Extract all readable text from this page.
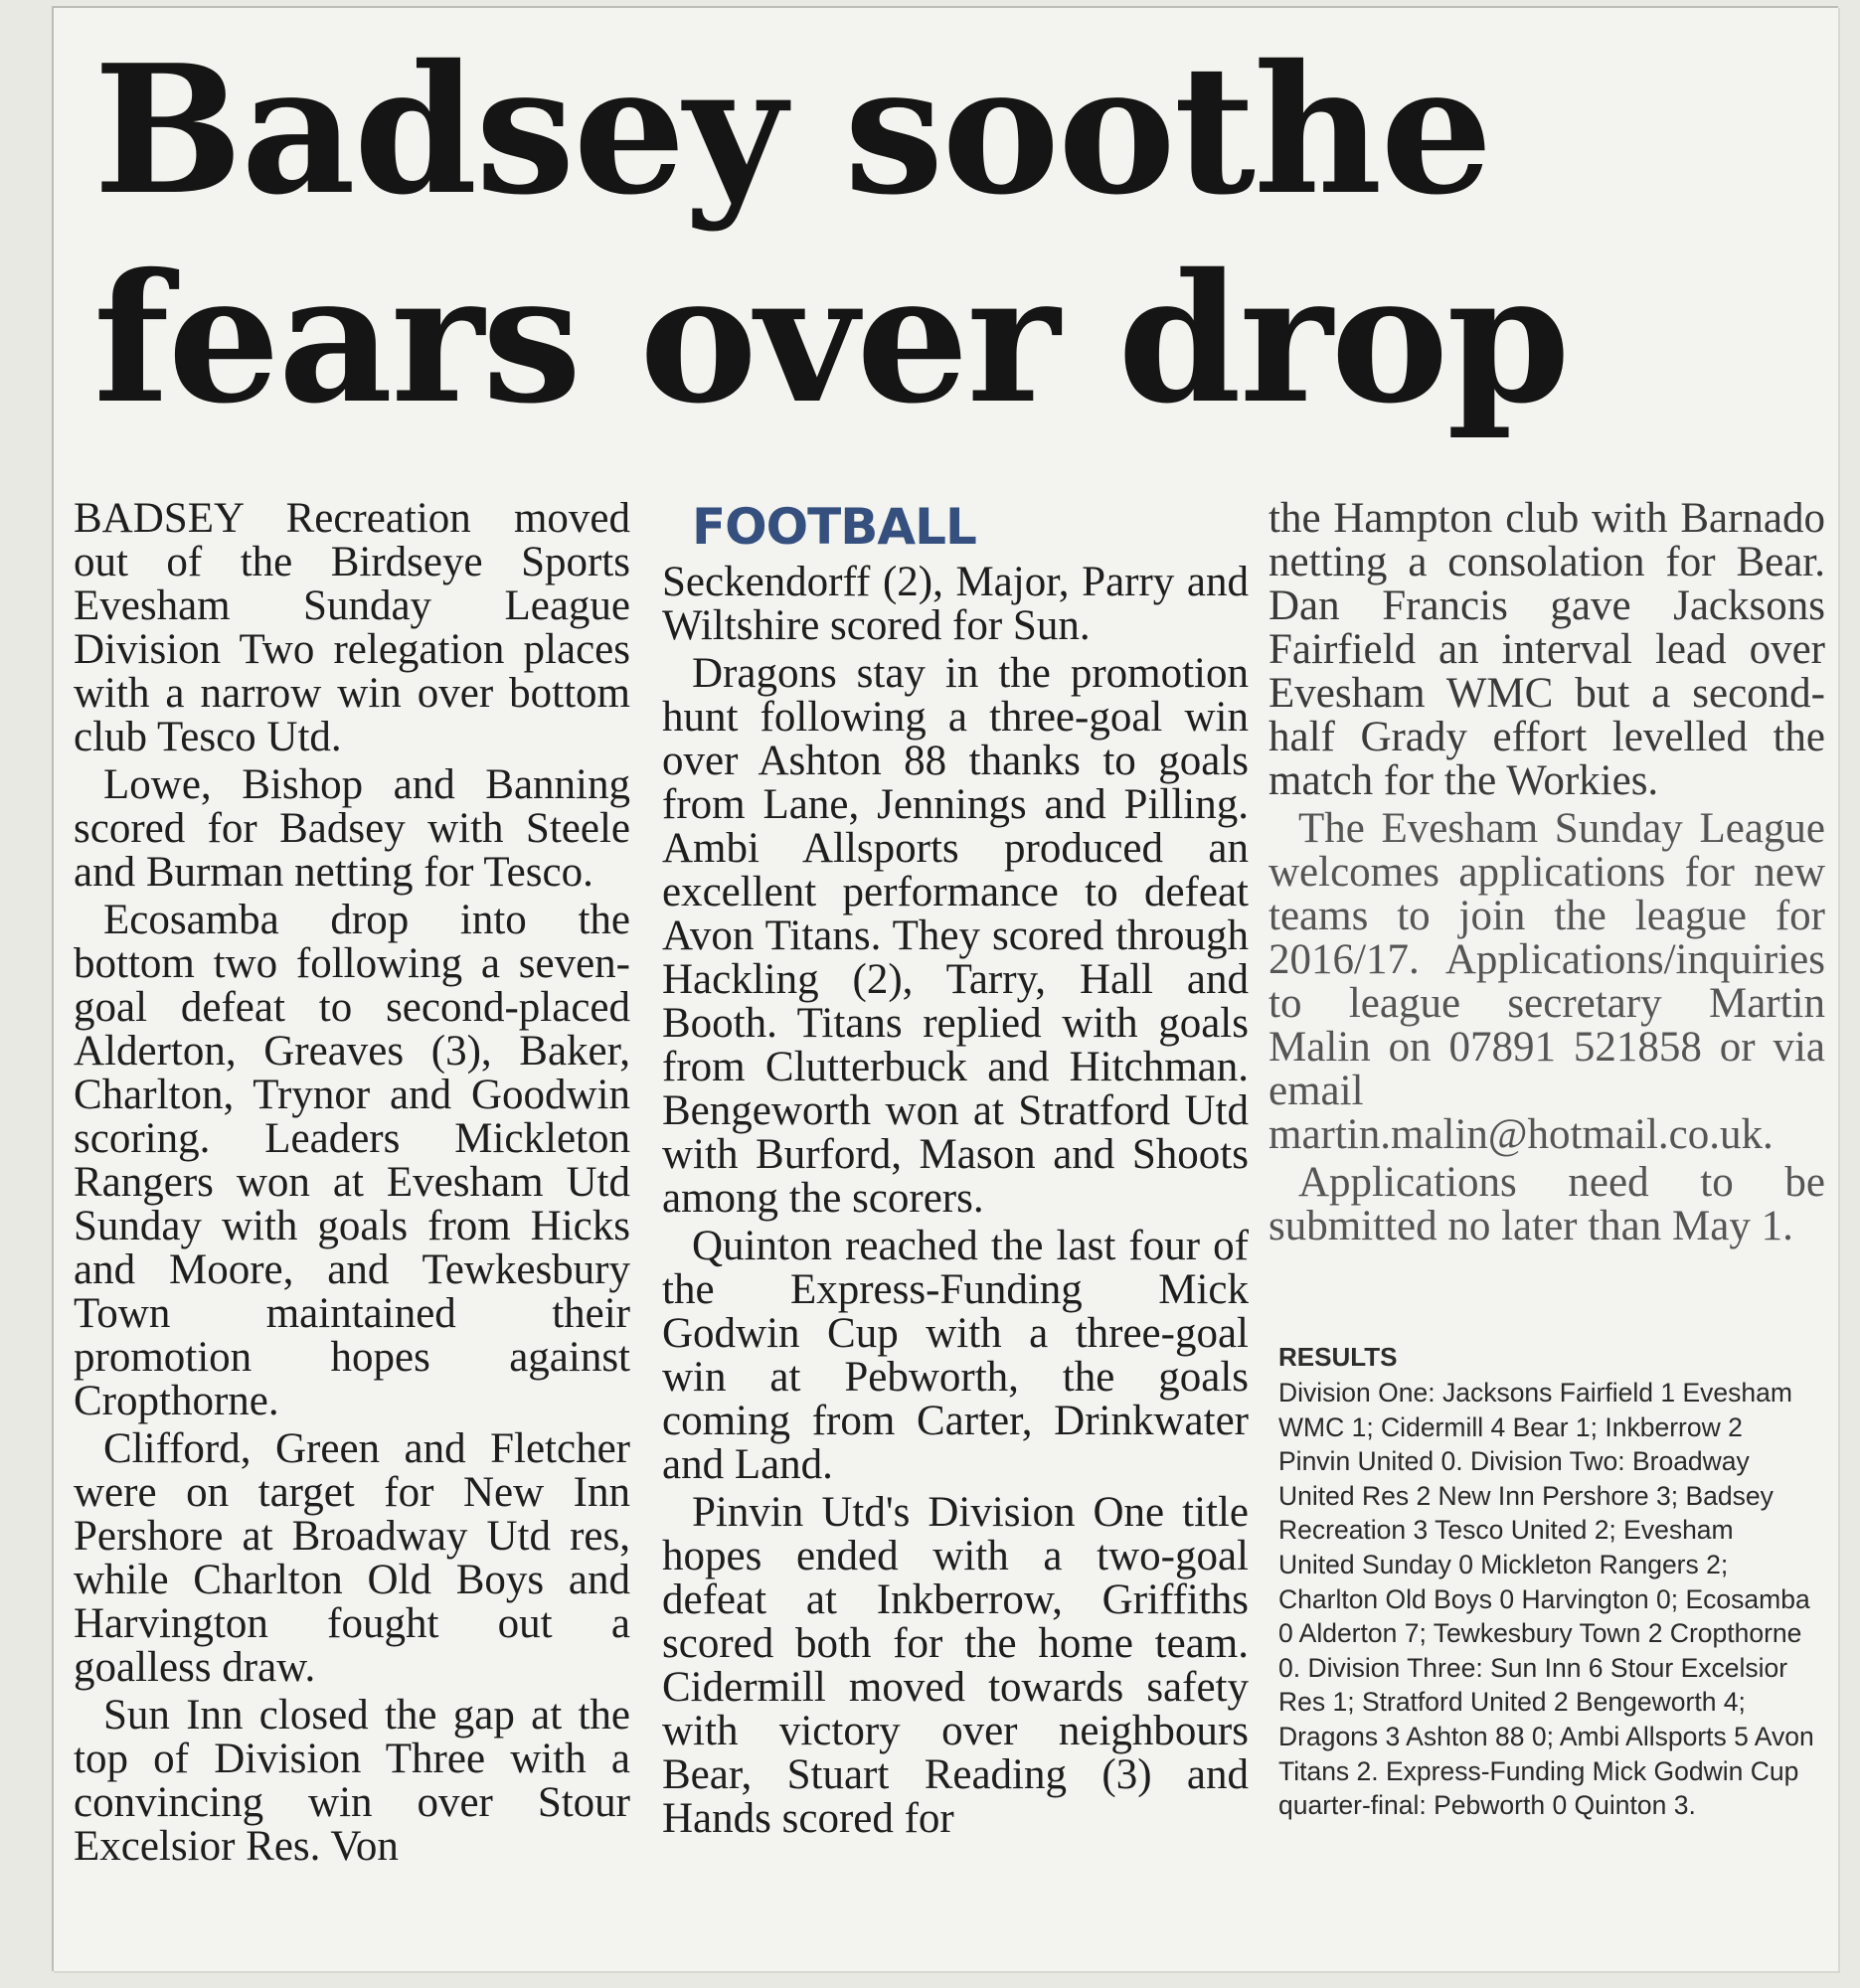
Badsey soothe
fears over drop

BADSEY Recreation moved out of the Birdseye Sports Evesham Sunday League Division Two relegation places with a narrow win over bottom club Tesco Utd.

Lowe, Bishop and Banning scored for Badsey with Steele and Burman netting for Tesco.

Ecosamba drop into the bottom two following a seven-goal defeat to second-placed Alderton, Greaves (3), Baker, Charlton, Trynor and Goodwin scoring. Leaders Mickleton Rangers won at Evesham Utd Sunday with goals from Hicks and Moore, and Tewkesbury Town maintained their promotion hopes against Cropthorne.

Clifford, Green and Fletcher were on target for New Inn Pershore at Broadway Utd res, while Charlton Old Boys and Harvington fought out a goalless draw.

Sun Inn closed the gap at the top of Division Three with a convincing win over Stour Excelsior Res. Von

FOOTBALL

Seckendorff (2), Major, Parry and Wiltshire scored for Sun.

Dragons stay in the promotion hunt following a three-goal win over Ashton 88 thanks to goals from Lane, Jennings and Pilling. Ambi Allsports produced an excellent performance to defeat Avon Titans. They scored through Hackling (2), Tarry, Hall and Booth. Titans replied with goals from Clutterbuck and Hitchman. Bengeworth won at Stratford Utd with Burford, Mason and Shoots among the scorers.

Quinton reached the last four of the Express-Funding Mick Godwin Cup with a three-goal win at Pebworth, the goals coming from Carter, Drinkwater and Land.

Pinvin Utd's Division One title hopes ended with a two-goal defeat at Inkberrow, Griffiths scored both for the home team. Cidermill moved towards safety with victory over neighbours Bear, Stuart Reading (3) and Hands scored for

the Hampton club with Barnado netting a consolation for Bear. Dan Francis gave Jacksons Fairfield an interval lead over Evesham WMC but a second-half Grady effort levelled the match for the Workies.

The Evesham Sunday League welcomes applications for new teams to join the league for 2016/17. Applications/inquiries to league secretary Martin Malin on 07891 521858 or via email martin.malin@hotmail.co.uk.

Applications need to be submitted no later than May 1.

RESULTS

Division One: Jacksons Fairfield 1 Evesham WMC 1; Cidermill 4 Bear 1; Inkberrow 2 Pinvin United 0. Division Two: Broadway United Res 2 New Inn Pershore 3; Badsey Recreation 3 Tesco United 2; Evesham United Sunday 0 Mickleton Rangers 2; Charlton Old Boys 0 Harvington 0; Ecosamba 0 Alderton 7; Tewkesbury Town 2 Cropthorne 0. Division Three: Sun Inn 6 Stour Excelsior Res 1; Stratford United 2 Bengeworth 4; Dragons 3 Ashton 88 0; Ambi Allsports 5 Avon Titans 2. Express-Funding Mick Godwin Cup quarter-final: Pebworth 0 Quinton 3.
